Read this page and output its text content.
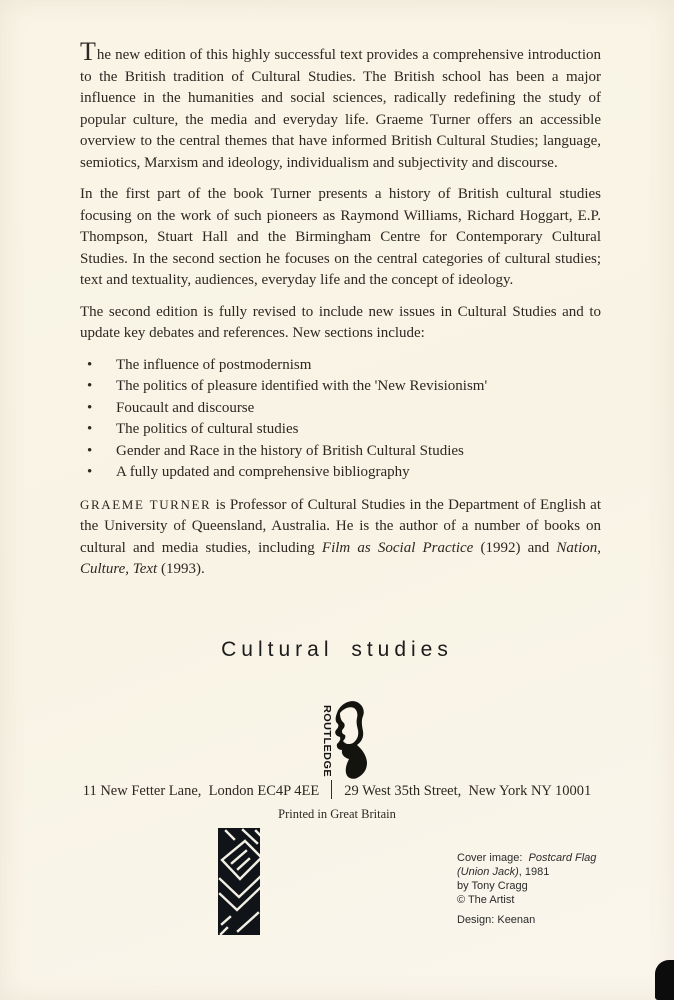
The new edition of this highly successful text provides a comprehensive introduction to the British tradition of Cultural Studies. The British school has been a major influence in the humanities and social sciences, radically redefining the study of popular culture, the media and everyday life. Graeme Turner offers an accessible overview to the central themes that have informed British Cultural Studies; language, semiotics, Marxism and ideology, individualism and subjectivity and discourse.

In the first part of the book Turner presents a history of British cultural studies focusing on the work of such pioneers as Raymond Williams, Richard Hoggart, E.P. Thompson, Stuart Hall and the Birmingham Centre for Contemporary Cultural Studies. In the second section he focuses on the central categories of cultural studies; text and textuality, audiences, everyday life and the concept of ideology.

The second edition is fully revised to include new issues in Cultural Studies and to update key debates and references. New sections include:

•	The influence of postmodernism
•	The politics of pleasure identified with the 'New Revisionism'
•	Foucault and discourse
•	The politics of cultural studies
•	Gender and Race in the history of British Cultural Studies
•	A fully updated and comprehensive bibliography

GRAEME TURNER is Professor of Cultural Studies in the Department of English at the University of Queensland, Australia. He is the author of a number of books on cultural and media studies, including Film as Social Practice (1992) and Nation, Culture, Text (1993).

Cultural studies
ROUTLEDGE
11 New Fetter Lane,  London EC4P 4EE 29 West 35th Street,  New York NY 10001
Printed in Great Britain
Cover image:  Postcard Flag
(Union Jack), 1981
by Tony Cragg
© The Artist
Design: Keenan
